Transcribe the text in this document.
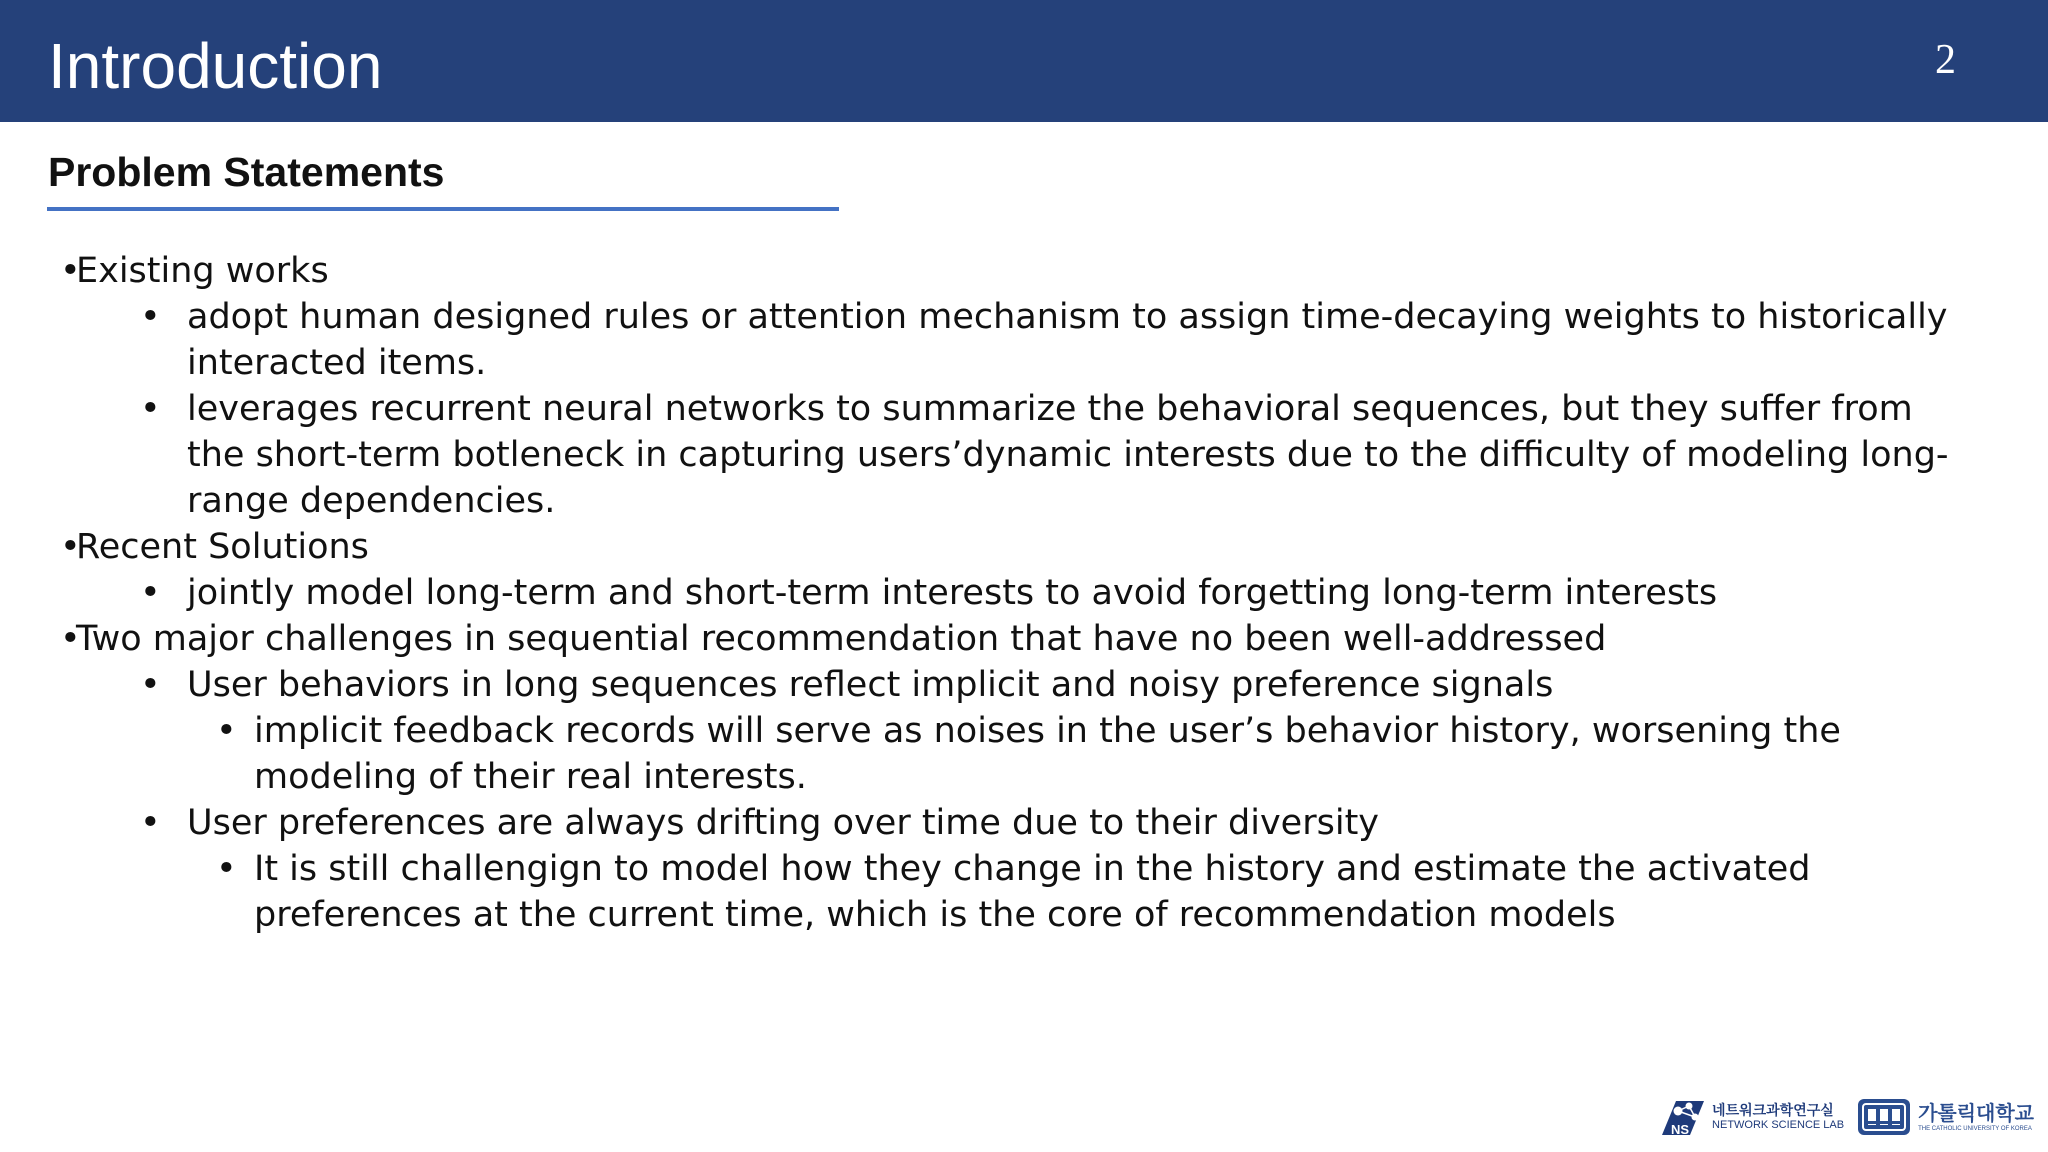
Introduction	2
Problem Statements
•
Existing works
• adopt human designed rules or attention mechanism to assign time-decaying weights to historically interacted items.
• leverages recurrent neural networks to summarize the behavioral sequences, but they suffer from the short-term botleneck in capturing users’dynamic interests due to the difficulty of modeling long-range dependencies.
•
Recent Solutions
• jointly model long-term and short-term interests to avoid forgetting long-term interests
•
Two major challenges in sequential recommendation that have no been well-addressed
• User behaviors in long sequences reflect implicit and noisy preference signals
• implicit feedback records will serve as noises in the user’s behavior history, worsening the modeling of their real interests.
• User preferences are always drifting over time due to their diversity
• It is still challengign to model how they change in the history and estimate the activated preferences at the current time, which is the core of recommendation models
NS
네트워크과학연구실
NETWORK SCIENCE LAB	가톨릭대학교
THE CATHOLIC UNIVERSITY OF KOREA
